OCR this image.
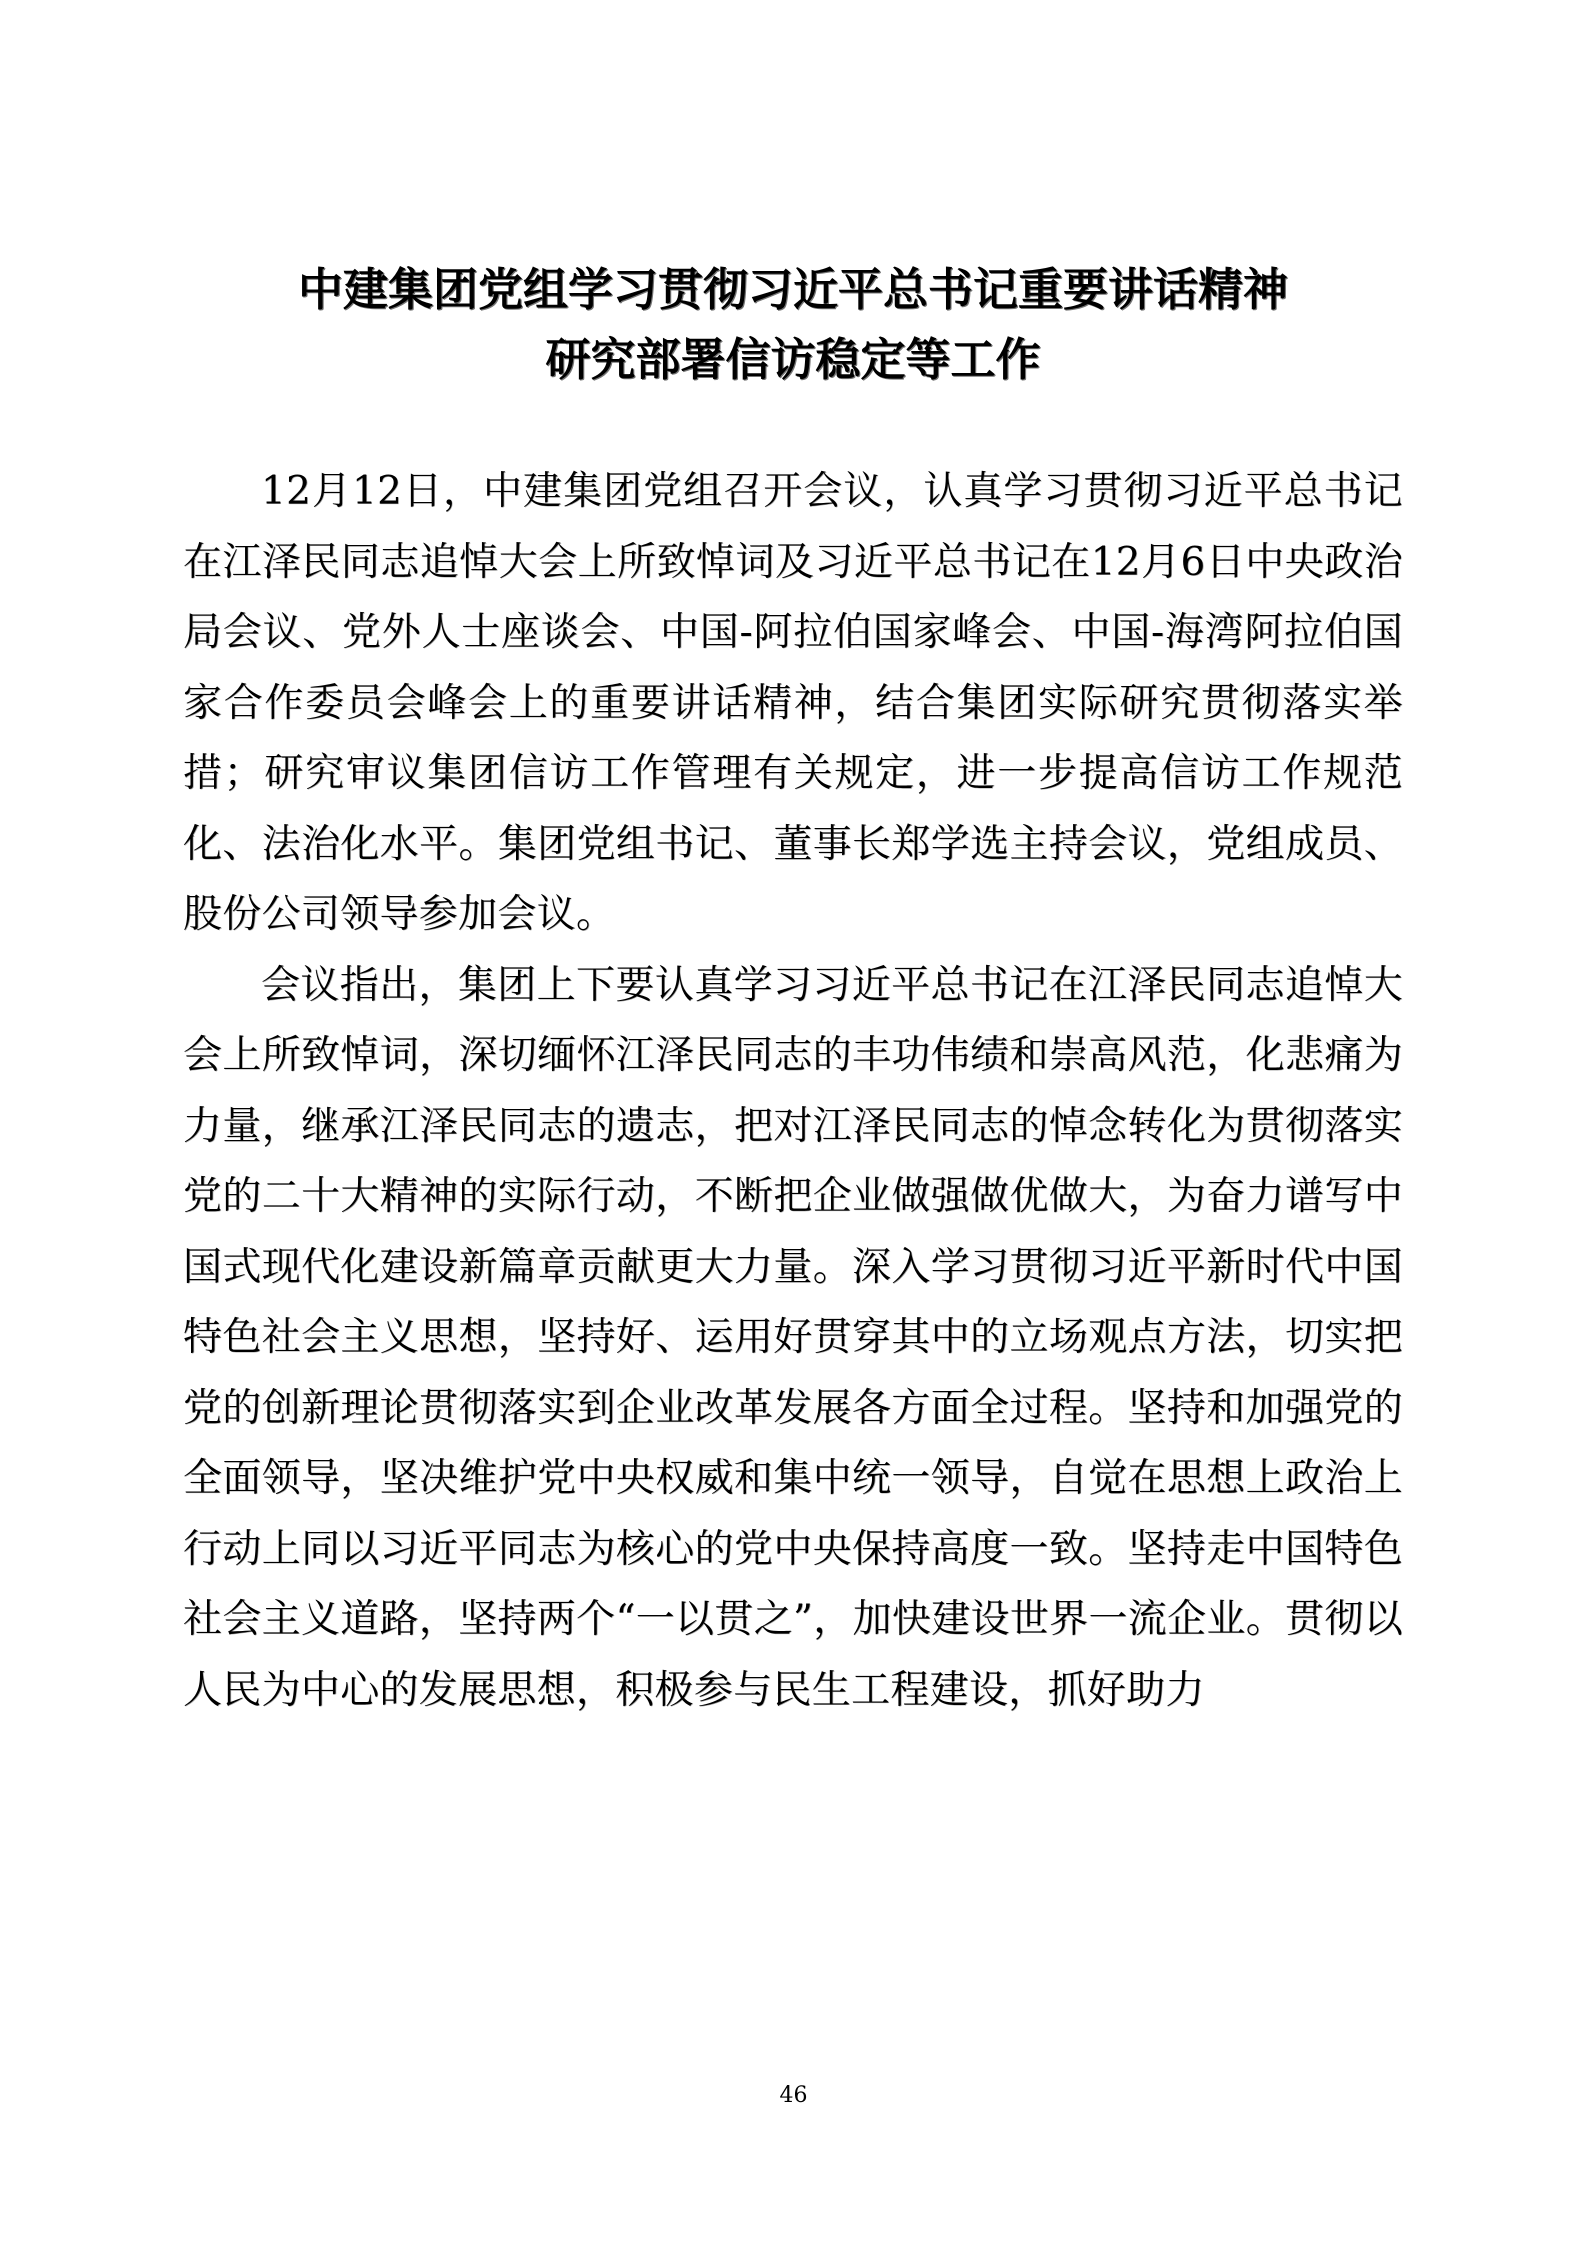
中建集团党组学习贯彻习近平总书记重要讲话精神
研究部署信访稳定等工作

12月12日，中建集团党组召开会议，认真学习贯彻习近平总书记在江泽民同志追悼大会上所致悼词及习近平总书记在12月6日中央政治局会议、党外人士座谈会、中国-阿拉伯国家峰会、中国-海湾阿拉伯国家合作委员会峰会上的重要讲话精神，结合集团实际研究贯彻落实举措；研究审议集团信访工作管理有关规定，进一步提高信访工作规范化、法治化水平。集团党组书记、董事长郑学选主持会议，党组成员、股份公司领导参加会议。

会议指出，集团上下要认真学习习近平总书记在江泽民同志追悼大会上所致悼词，深切缅怀江泽民同志的丰功伟绩和崇高风范，化悲痛为力量，继承江泽民同志的遗志，把对江泽民同志的悼念转化为贯彻落实党的二十大精神的实际行动，不断把企业做强做优做大，为奋力谱写中国式现代化建设新篇章贡献更大力量。深入学习贯彻习近平新时代中国特色社会主义思想，坚持好、运用好贯穿其中的立场观点方法，切实把党的创新理论贯彻落实到企业改革发展各方面全过程。坚持和加强党的全面领导，坚决维护党中央权威和集中统一领导，自觉在思想上政治上行动上同以习近平同志为核心的党中央保持高度一致。坚持走中国特色社会主义道路，坚持两个“一以贯之”，加快建设世界一流企业。贯彻以人民为中心的发展思想，积极参与民生工程建设，抓好助力

46
